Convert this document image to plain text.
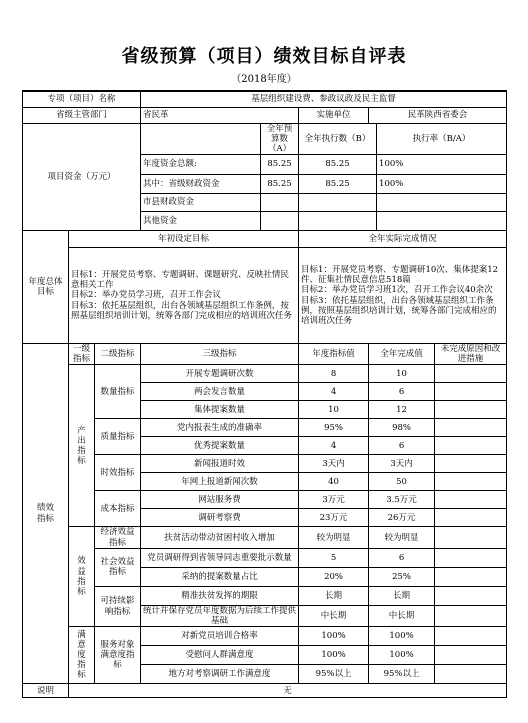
省级预算（项目）绩效目标自评表
（2018年度）
专项（项目）名称			基层组织建设费、参政议政及民主监督					
省级主管部门			省民革		实施单位	民革陕西省委会		
项目资金（万元）				全年预算数（A）	全年执行数（B）		执行率（B/A）	
			年度资金总额:	85.25	85.25		100%	
			其中：省级财政资金	85.25	85.25		100%	
			市县财政资金					
			其他资金					
年度总体目标	年初设定目标				全年实际完成情况			
	目标1：开展党员考察、专题调研、课题研究、反映社情民意相关工作
目标2：举办党员学习班，召开工作会议
目标3：依托基层组织，出台各领域基层组织工作条例，按照基层组织培训计划，统筹各部门完成相应的培训班次任务				目标1：开展党员考察、专题调研10次、集体提案12件、征集社情民意信息518篇
目标2：举办党员学习班1次，召开工作会议40余次
目标3：依托基层组织，出台各领域基层组织工作条例，按照基层组织培训计划，统筹各部门完成相应的培训班次任务			
绩效指标	一级指标	二级指标	三级指标		年度指标值	全年完成值		未完成原因和改进措施
	产出指标	数量指标	开展专题调研次数		8	10		
			两会发言数量		4	6		
			集体提案数量		10	12		
		质量指标	党内报表生成的准确率		95%	98%		
			优秀提案数量		4	6		
		时效指标	新闻报道时效		3天内	3天内		
			年网上报道新闻次数		40	50		
		成本指标	网站服务费		3万元	3.5万元		
			调研考察费		23万元	26万元		
	效益指标	经济效益指标	扶贫活动带动贫困村收入增加		较为明显	较为明显		
		社会效益指标	党员调研得到省领导同志重要批示数量		5	6		
			采纳的提案数量占比		20%	25%		
		可持续影响指标	精准扶贫发挥的期限		长期	长期		
			统计并保存党员年度数据为后续工作提供基础		中长期	中长期		
	满意度指标	服务对象满意度指标	对新党员培训合格率		100%	100%		
			受慰问人群满意度		100%	100%		
			地方对考察调研工作满意度		95%以上	95%以上		
说明	无							
